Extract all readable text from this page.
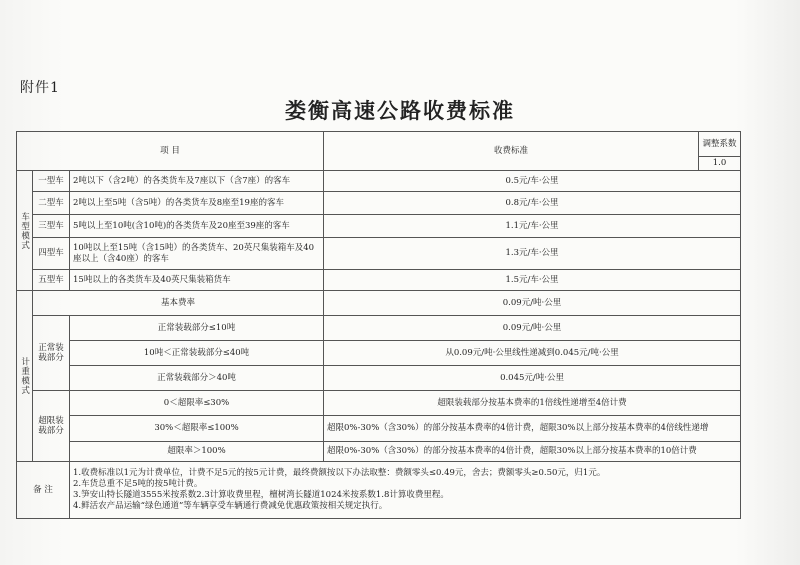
附件1
娄衡高速公路收费标准
项 目			收费标准	调整系数
				1.0
车型模式	一型车	2吨以下（含2吨）的各类货车及7座以下（含7座）的客车	0.5元/车·公里	
	二型车	2吨以上至5吨（含5吨）的各类货车及8座至19座的客车	0.8元/车·公里	
	三型车	5吨以上至10吨(含10吨)的各类货车及20座至39座的客车	1.1元/车·公里	
	四型车	10吨以上至15吨（含15吨）的各类货车、20英尺集装箱车及40座以上（含40座）的客车	1.3元/车·公里	
	五型车	15吨以上的各类货车及40英尺集装箱货车	1.5元/车·公里	
计重模式	基本费率		0.09元/吨·公里	
	正常装载部分	正常装载部分≤10吨	0.09元/吨·公里	
		10吨＜正常装载部分≤40吨	从0.09元/吨·公里线性递减到0.045元/吨·公里	
		正常装载部分＞40吨	0.045元/吨·公里	
	超限装载部分	0＜超限率≤30%	超限装载部分按基本费率的1倍线性递增至4倍计费	
		30%＜超限率≤100%	超限0%-30%（含30%）的部分按基本费率的4倍计费，超限30%以上部分按基本费率的4倍线性递增	
		超限率＞100%	超限0%-30%（含30%）的部分按基本费率的4倍计费，超限30%以上部分按基本费率的10倍计费	
备 注		1.收费标准以1元为计费单位，计费不足5元的按5元计费，最终费额按以下办法取整：费额零头≤0.49元，舍去；费额零头≥0.50元，归1元。
2.车货总重不足5吨的按5吨计费。
3.笋安山特长隧道3555米按系数2.3计算收费里程，檀树湾长隧道1024米按系数1.8计算收费里程。
4.鲜活农产品运输“绿色通道”等车辆享受车辆通行费减免优惠政策按相关规定执行。		
